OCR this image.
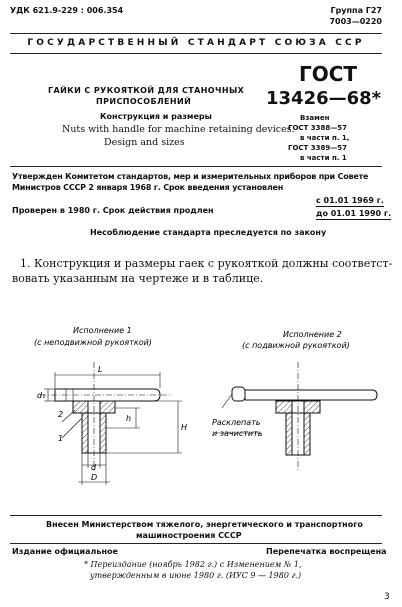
УДК 621.9-229 : 006.354	Группа Г27
7003—0220
ГОСУДАРСТВЕННЫЙ СТАНДАРТ СОЮЗА ССР
ГАЙКИ С РУКОЯТКОЙ ДЛЯ СТАНОЧНЫХ
ПРИСПОСОБЛЕНИЙ
Конструкция и размеры
Nuts with handle for machine retaining devices.
Design and sizes
ГОСТ
13426—68*
Взамен
ГОСТ 3388—57
в части п. 1,
ГОСТ 3389—57
в части п. 1
Утвержден Комитетом стандартов, мер и измерительных приборов при Совете
Министров СССР 2 января 1968 г. Срок введения установлен
с 01.01 1969 г.
Проверен в 1980 г. Срок действия продлен	до 01.01 1990 г.
Несоблюдение стандарта преследуется по закону
1. Конструкция и размеры гаек с рукояткой должны соответст-
вовать указанным на чертеже и в таблице.
Исполнение 1
(с неподвижной рукояткой)
Исполнение 2
(с подвижной рукояткой)
L
d₁
H
h
d
D
1
2
Расклепать
и зачистить
Внесен Министерством тяжелого, энергетического и транспортного
машиностроения СССР
Издание официальное	Перепечатка воспрещена
* Переиздание (ноябрь 1982 г.) с Изменением № 1,
утвержденным в июне 1980 г. (ИУС 9 — 1980 г.)
3
